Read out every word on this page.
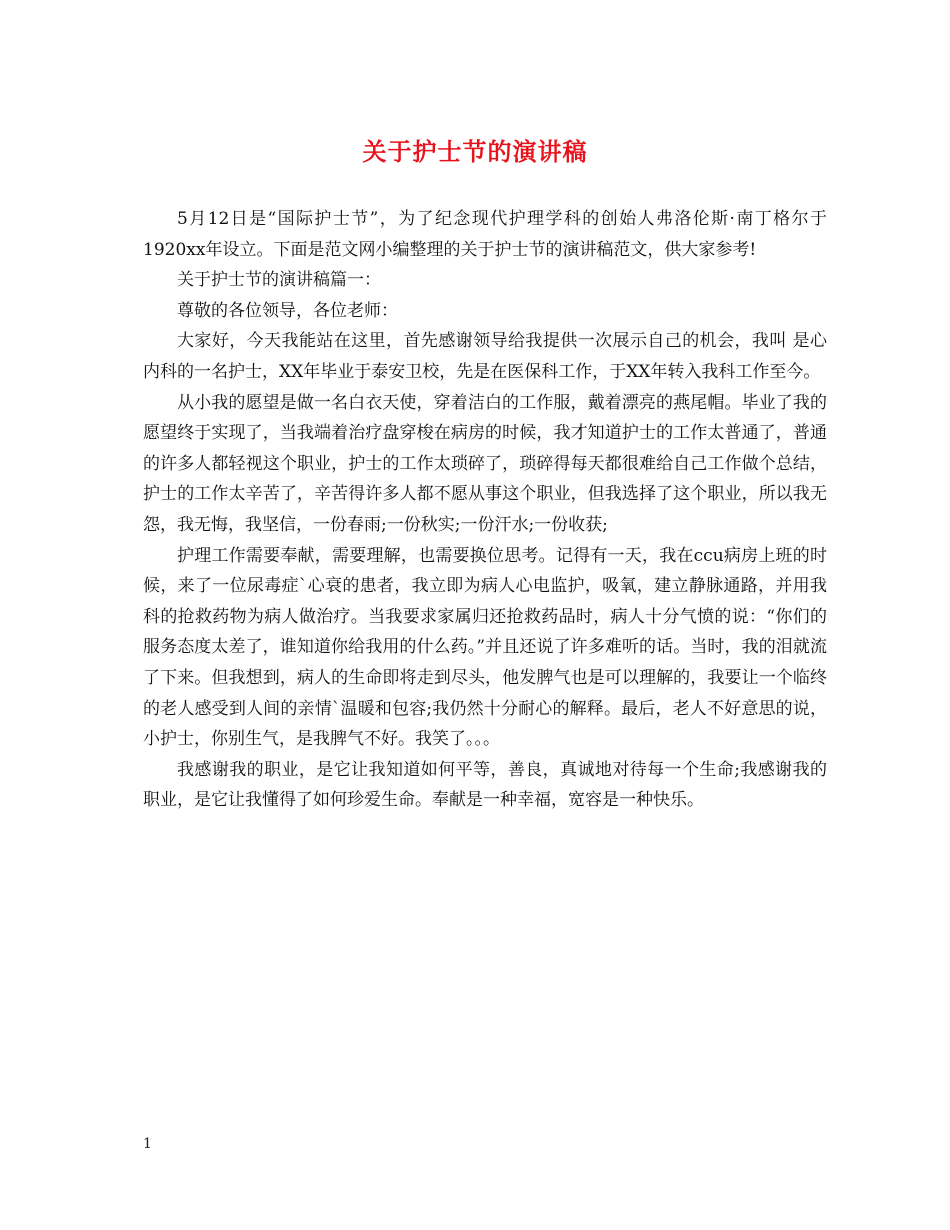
关于护士节的演讲稿

5月12日是“国际护士节”，为了纪念现代护理学科的创始人弗洛伦斯·南丁格尔于1920xx年设立。下面是范文网小编整理的关于护士节的演讲稿范文，供大家参考!

关于护士节的演讲稿篇一：

尊敬的各位领导，各位老师：

大家好，今天我能站在这里，首先感谢领导给我提供一次展示自己的机会，我叫 是心内科的一名护士，XX年毕业于泰安卫校，先是在医保科工作，于XX年转入我科工作至今。

从小我的愿望是做一名白衣天使，穿着洁白的工作服，戴着漂亮的燕尾帽。毕业了我的愿望终于实现了，当我端着治疗盘穿梭在病房的时候，我才知道护士的工作太普通了，普通的许多人都轻视这个职业，护士的工作太琐碎了，琐碎得每天都很难给自己工作做个总结，护士的工作太辛苦了，辛苦得许多人都不愿从事这个职业，但我选择了这个职业，所以我无怨，我无悔，我坚信，一份春雨;一份秋实;一份汗水;一份收获;

护理工作需要奉献，需要理解，也需要换位思考。记得有一天，我在ccu病房上班的时候，来了一位尿毒症`心衰的患者，我立即为病人心电监护，吸氧，建立静脉通路，并用我科的抢救药物为病人做治疗。当我要求家属归还抢救药品时，病人十分气愤的说：“你们的服务态度太差了，谁知道你给我用的什么药。”并且还说了许多难听的话。当时，我的泪就流了下来。但我想到，病人的生命即将走到尽头，他发脾气也是可以理解的，我要让一个临终的老人感受到人间的亲情`温暖和包容;我仍然十分耐心的解释。最后，老人不好意思的说，小护士，你别生气，是我脾气不好。我笑了。。。

我感谢我的职业，是它让我知道如何平等，善良，真诚地对待每一个生命;我感谢我的职业，是它让我懂得了如何珍爱生命。奉献是一种幸福，宽容是一种快乐。

1
